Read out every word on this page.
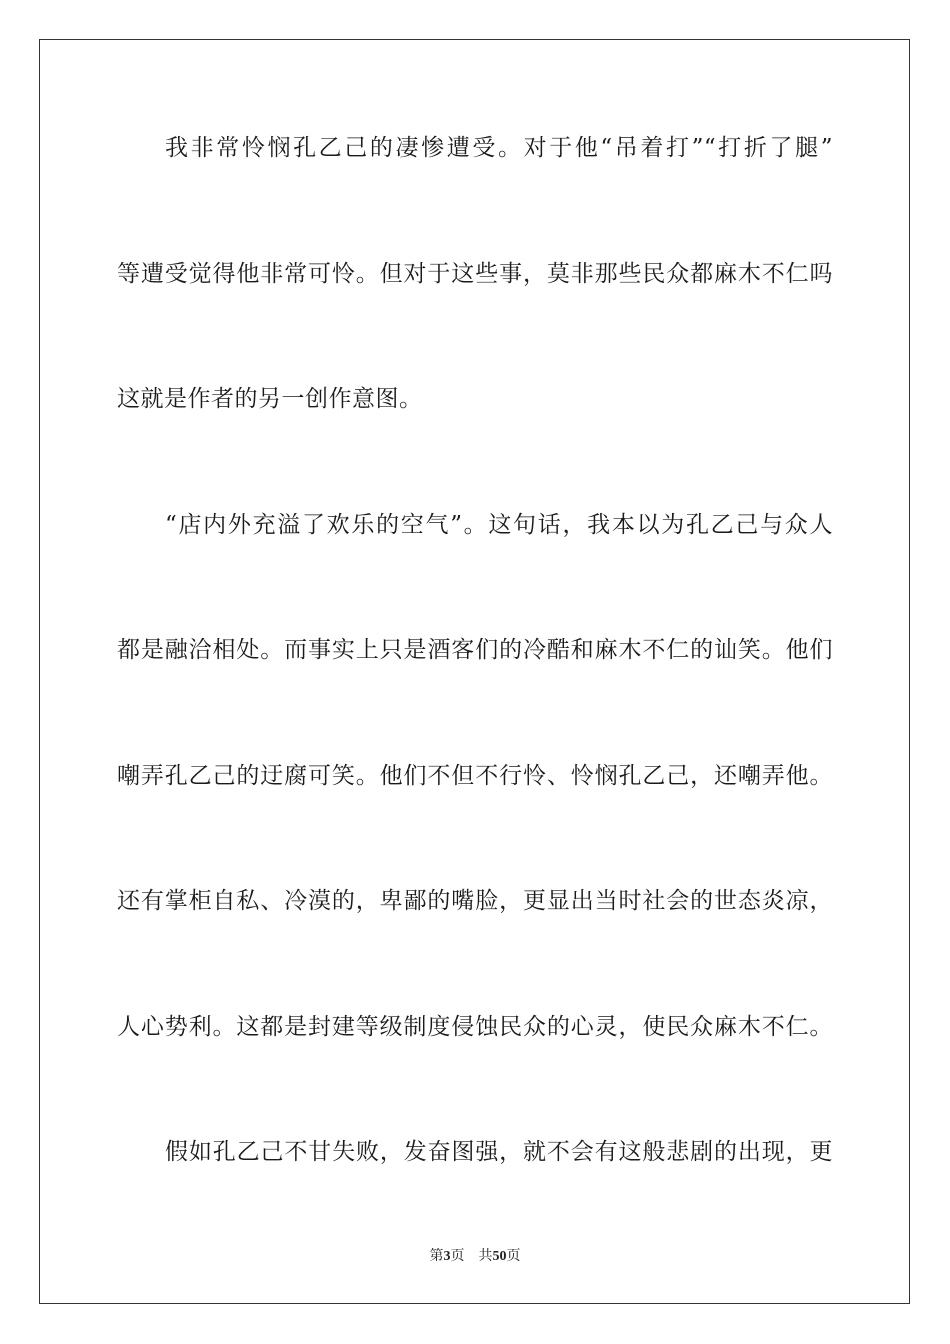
我非常怜悯孔乙己的凄惨遭受。对于他“吊着打”“打折了腿”
等遭受觉得他非常可怜。但对于这些事，莫非那些民众都麻木不仁吗
这就是作者的另一创作意图。
“店内外充溢了欢乐的空气”。这句话，我本以为孔乙己与众人
都是融洽相处。而事实上只是酒客们的冷酷和麻木不仁的讪笑。他们
嘲弄孔乙己的迂腐可笑。他们不但不行怜、怜悯孔乙己，还嘲弄他。
还有掌柜自私、冷漠的，卑鄙的嘴脸，更显出当时社会的世态炎凉，
人心势利。这都是封建等级制度侵蚀民众的心灵，使民众麻木不仁。
假如孔乙己不甘失败，发奋图强，就不会有这般悲剧的出现，更
第3页 共50页
